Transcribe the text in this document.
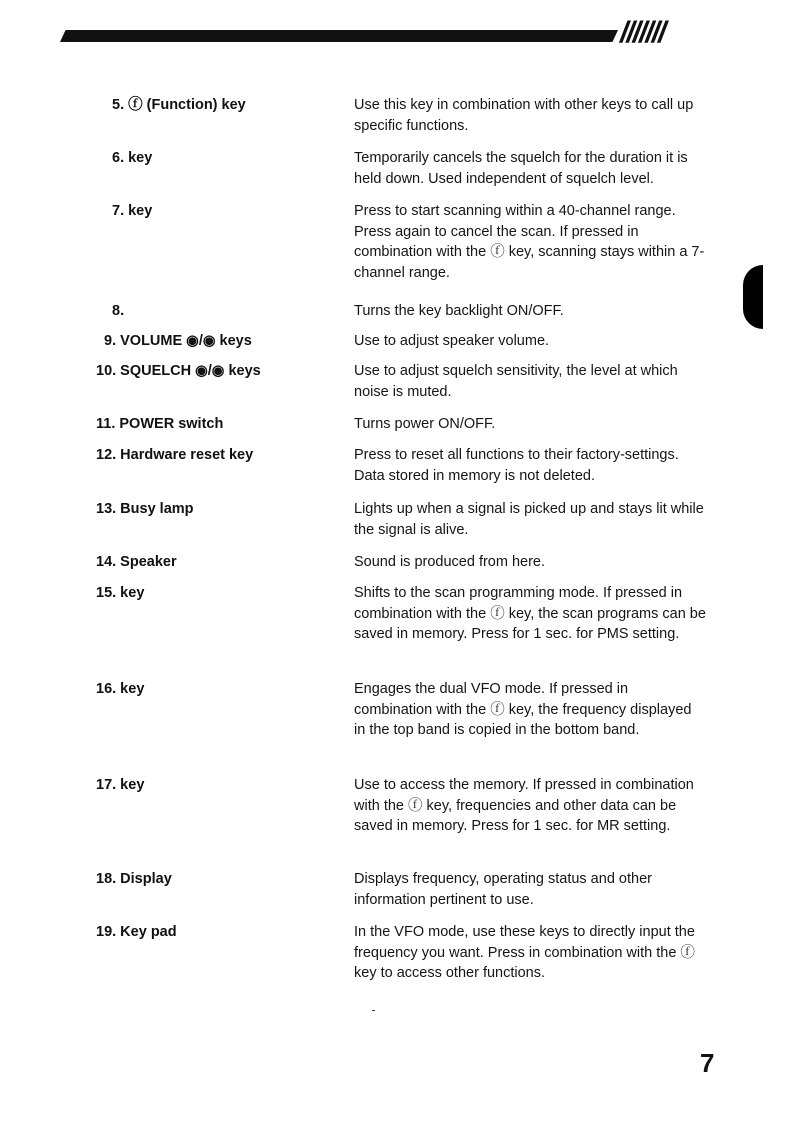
///////
5. ⓕ (Function) key	Use this key in combination with other keys to call up specific functions.
6. key	Temporarily cancels the squelch for the duration it is held down. Used independent of squelch level.
7. key	Press to start scanning within a 40-channel range. Press again to cancel the scan. If pressed in combination with the ⓕ key, scanning stays within a 7-channel range.
8.	Turns the key backlight ON/OFF.
9. VOLUME ◉/◉ keys	Use to adjust speaker volume.
10. SQUELCH ◉/◉ keys	Use to adjust squelch sensitivity, the level at which noise is muted.
11. POWER switch	Turns power ON/OFF.
12. Hardware reset key	Press to reset all functions to their factory-settings. Data stored in memory is not deleted.
13. Busy lamp	Lights up when a signal is picked up and stays lit while the signal is alive.
14. Speaker	Sound is produced from here.
15. key	Shifts to the scan programming mode. If pressed in combination with the ⓕ key, the scan programs can be saved in memory. Press for 1 sec. for PMS setting.
16. key	Engages the dual VFO mode. If pressed in combination with the ⓕ key, the frequency displayed in the top band is copied in the bottom band.
17. key	Use to access the memory. If pressed in combination with the ⓕ key, frequencies and other data can be saved in memory. Press for 1 sec. for MR setting.
18. Display	Displays frequency, operating status and other information pertinent to use.
19. Key pad	In the VFO mode, use these keys to directly input the frequency you want. Press in combination with the ⓕ key to access other functions.
7
